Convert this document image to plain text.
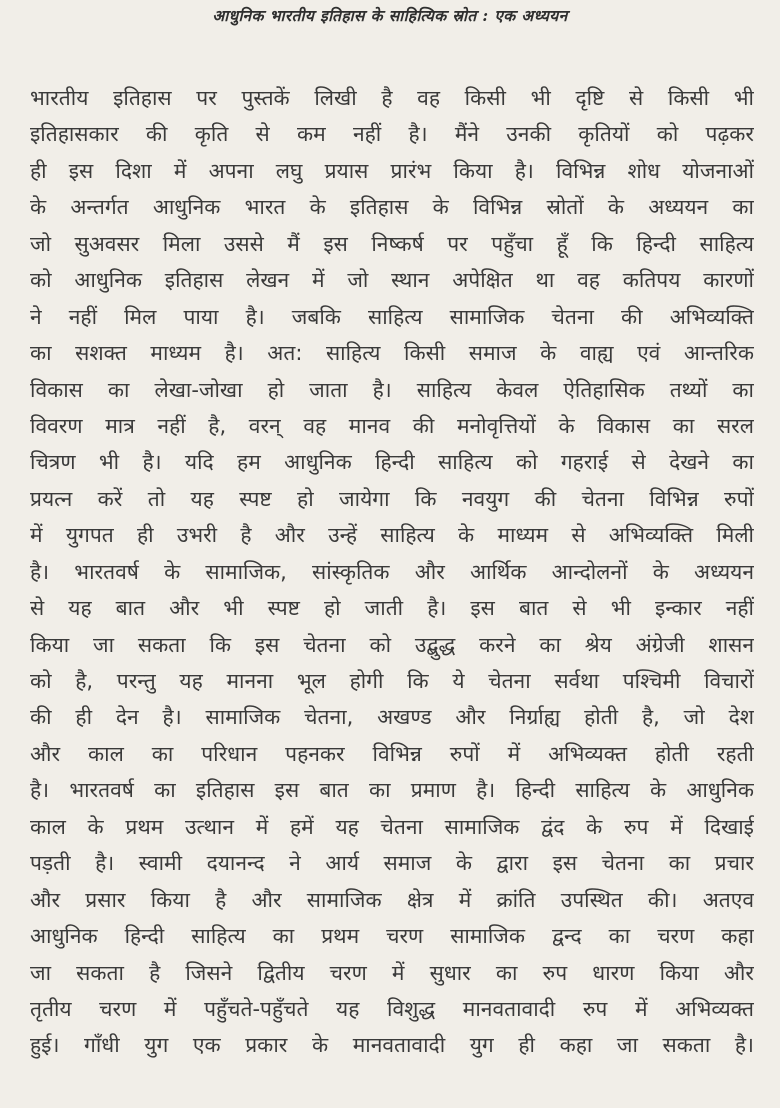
आधुनिक भारतीय इतिहास के साहित्यिक स्रोत : एक अध्ययन
भारतीय इतिहास पर पुस्तकें लिखी है वह किसी भी दृष्टि से किसी भी
इतिहासकार की कृति से कम नहीं है। मैंने उनकी कृतियों को पढ़कर
ही इस दिशा में अपना लघु प्रयास प्रारंभ किया है। विभिन्न शोध योजनाओं
के अन्तर्गत आधुनिक भारत के इतिहास के विभिन्न स्रोतों के अध्ययन का
जो सुअवसर मिला उससे मैं इस निष्कर्ष पर पहुँचा हूँ कि हिन्दी साहित्य
को आधुनिक इतिहास लेखन में जो स्थान अपेक्षित था वह कतिपय कारणों
ने नहीं मिल पाया है। जबकि साहित्य सामाजिक चेतना की अभिव्यक्ति
का सशक्त माध्यम है। अत: साहित्य किसी समाज के वाह्य एवं आन्तरिक
विकास का लेखा-जोखा हो जाता है। साहित्य केवल ऐतिहासिक तथ्यों का
विवरण मात्र नहीं है, वरन् वह मानव की मनोवृत्तियों के विकास का सरल
चित्रण भी है। यदि हम आधुनिक हिन्दी साहित्य को गहराई से देखने का
प्रयत्न करें तो यह स्पष्ट हो जायेगा कि नवयुग की चेतना विभिन्न रुपों
में युगपत ही उभरी है और उन्हें साहित्य के माध्यम से अभिव्यक्ति मिली
है। भारतवर्ष के सामाजिक, सांस्कृतिक और आर्थिक आन्दोलनों के अध्ययन
से यह बात और भी स्पष्ट हो जाती है। इस बात से भी इन्कार नहीं
किया जा सकता कि इस चेतना को उद्बुद्ध करने का श्रेय अंग्रेजी शासन
को है, परन्तु यह मानना भूल होगी कि ये चेतना सर्वथा पश्चिमी विचारों
की ही देन है। सामाजिक चेतना, अखण्ड और निर्ग्राह्य होती है, जो देश
और काल का परिधान पहनकर विभिन्न रुपों में अभिव्यक्त होती रहती
है। भारतवर्ष का इतिहास इस बात का प्रमाण है। हिन्दी साहित्य के आधुनिक
काल के प्रथम उत्थान में हमें यह चेतना सामाजिक द्वंद के रुप में दिखाई
पड़ती है। स्वामी दयानन्द ने आर्य समाज के द्वारा इस चेतना का प्रचार
और प्रसार किया है और सामाजिक क्षेत्र में क्रांति उपस्थित की। अतएव
आधुनिक हिन्दी साहित्य का प्रथम चरण सामाजिक द्वन्द का चरण कहा
जा सकता है जिसने द्वितीय चरण में सुधार का रुप धारण किया और
तृतीय चरण में पहुँचते-पहुँचते यह विशुद्ध मानवतावादी रुप में अभिव्यक्त
हुई। गाँधी युग एक प्रकार के मानवतावादी युग ही कहा जा सकता है।
